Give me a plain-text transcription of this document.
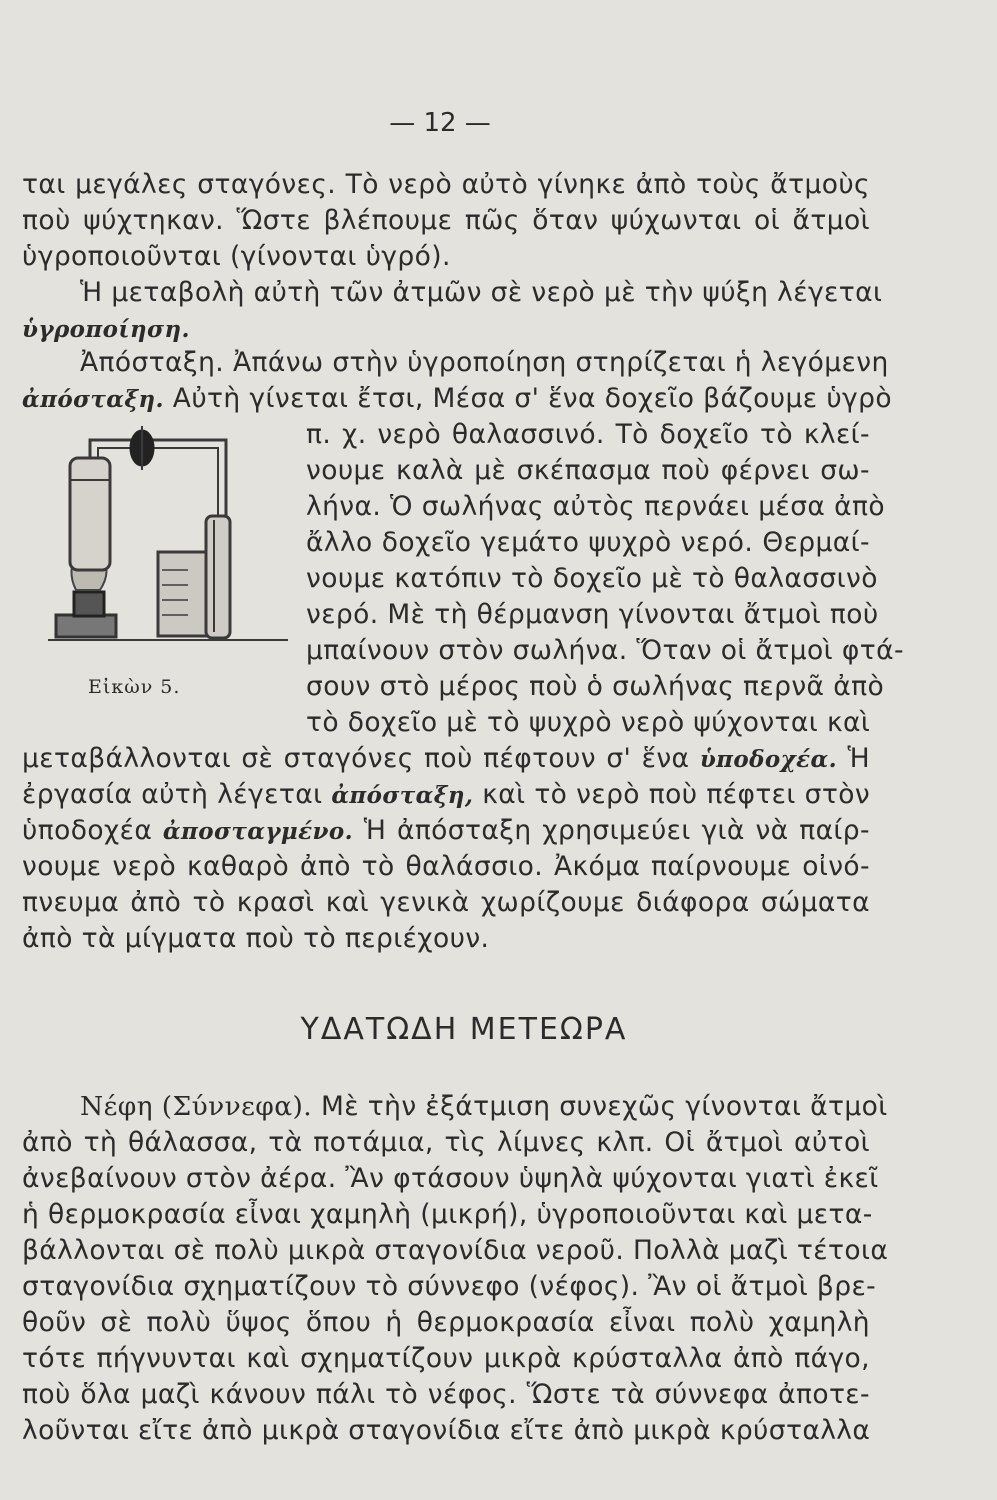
— 12 —
ται μεγάλες σταγόνες. Τὸ νερὸ αὐτὸ γίνηκε ἀπὸ τοὺς ἄτμοὺς
ποὺ ψύχτηκαν. Ὥστε βλέπουμε πῶς ὅταν ψύχωνται οἱ ἄτμοὶ
ὑγροποιοῦνται (γίνονται ὑγρό).
Ἡ μεταβολὴ αὐτὴ τῶν ἀτμῶν σὲ νερὸ μὲ τὴν ψύξη λέγεται
ὑγροποίηση.
Ἀπόσταξη. Ἀπάνω στὴν ὑγροποίηση στηρίζεται ἡ λεγόμενη
ἀπόσταξη. Αὐτὴ γίνεται ἔτσι, Μέσα σ' ἕνα δοχεῖο βάζουμε ὑγρὸ
π. χ. νερὸ θαλασσινό. Τὸ δοχεῖο τὸ κλεί-
νουμε καλὰ μὲ σκέπασμα ποὺ φέρνει σω-
λήνα. Ὁ σωλήνας αὐτὸς περνάει μέσα ἀπὸ
ἄλλο δοχεῖο γεμάτο ψυχρὸ νερό. Θερμαί-
νουμε κατόπιν τὸ δοχεῖο μὲ τὸ θαλασσινὸ
νερό. Μὲ τὴ θέρμανση γίνονται ἄτμοὶ ποὺ
μπαίνουν στὸν σωλήνα. Ὅταν οἱ ἄτμοὶ φτά-
σουν στὸ μέρος ποὺ ὁ σωλήνας περνᾶ ἀπὸ
τὸ δοχεῖο μὲ τὸ ψυχρὸ νερὸ ψύχονται καὶ
Εἰκὼν 5.
μεταβάλλονται σὲ σταγόνες ποὺ πέφτουν σ' ἕνα ὑποδοχέα. Ἡ
ἐργασία αὐτὴ λέγεται ἀπόσταξη, καὶ τὸ νερὸ ποὺ πέφτει στὸν
ὑποδοχέα ἀποσταγμένο. Ἡ ἀπόσταξη χρησιμεύει γιὰ νὰ παίρ-
νουμε νερὸ καθαρὸ ἀπὸ τὸ θαλάσσιο. Ἀκόμα παίρνουμε οἰνό-
πνευμα ἀπὸ τὸ κρασὶ καὶ γενικὰ χωρίζουμε διάφορα σώματα
ἀπὸ τὰ μίγματα ποὺ τὸ περιέχουν.
ΥΔΑΤΩΔΗ ΜΕΤΕΩΡΑ
Νέφη (Σύννεφα). Μὲ τὴν ἐξάτμιση συνεχῶς γίνονται ἄτμοὶ
ἀπὸ τὴ θάλασσα, τὰ ποτάμια, τὶς λίμνες κλπ. Οἱ ἄτμοὶ αὐτοὶ
ἀνεβαίνουν στὸν ἀέρα. Ἂν φτάσουν ὑψηλὰ ψύχονται γιατὶ ἐκεῖ
ἡ θερμοκρασία εἶναι χαμηλὴ (μικρή), ὑγροποιοῦνται καὶ μετα-
βάλλονται σὲ πολὺ μικρὰ σταγονίδια νεροῦ. Πολλὰ μαζὶ τέτοια
σταγονίδια σχηματίζουν τὸ σύννεφο (νέφος). Ἂν οἱ ἄτμοὶ βρε-
θοῦν σὲ πολὺ ὕψος ὅπου ἡ θερμοκρασία εἶναι πολὺ χαμηλὴ
τότε πήγνυνται καὶ σχηματίζουν μικρὰ κρύσταλλα ἀπὸ πάγο,
ποὺ ὅλα μαζὶ κάνουν πάλι τὸ νέφος. Ὥστε τὰ σύννεφα ἀποτε-
λοῦνται εἴτε ἀπὸ μικρὰ σταγονίδια εἴτε ἀπὸ μικρὰ κρύσταλλα
